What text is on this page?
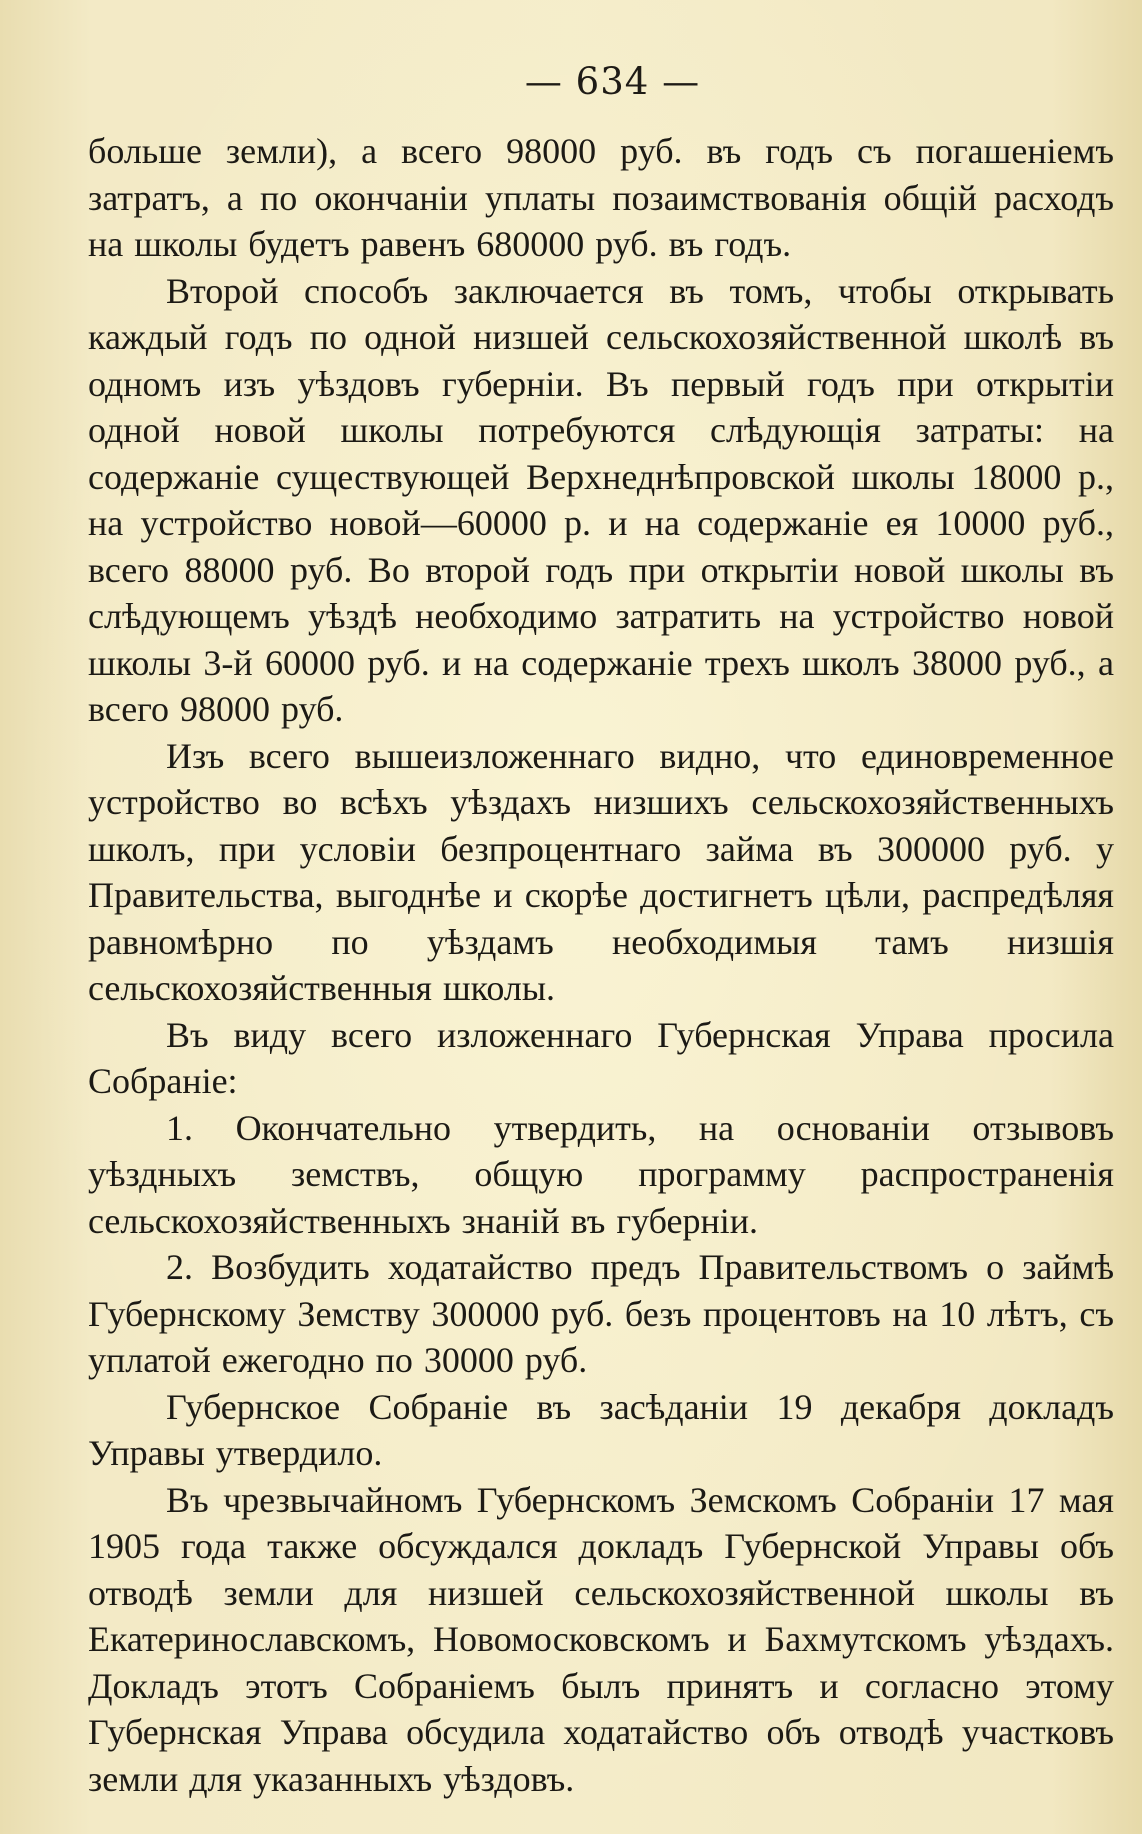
— 634 —

больше земли), а всего 98000 руб. въ годъ съ погашеніемъ затратъ, а по окончаніи уплаты позаимствованія общій расходъ на школы будетъ равенъ 680000 руб. въ годъ.

Второй способъ заключается въ томъ, чтобы открывать каждый годъ по одной низшей сельскохозяйственной школѣ въ одномъ изъ уѣздовъ губерніи. Въ первый годъ при открытіи одной новой школы потребуются слѣдующія затраты: на содержаніе существующей Верхнеднѣпровской школы 18000 р., на устройство новой—60000 р. и на содержаніе ея 10000 руб., всего 88000 руб. Во второй годъ при открытіи новой школы въ слѣдующемъ уѣздѣ необходимо затратить на устройство новой школы 3-й 60000 руб. и на содержаніе трехъ школъ 38000 руб., а всего 98000 руб.

Изъ всего вышеизложеннаго видно, что единовременное устройство во всѣхъ уѣздахъ низшихъ сельскохозяйственныхъ школъ, при условіи безпроцентнаго займа въ 300000 руб. у Правительства, выгоднѣе и скорѣе достигнетъ цѣли, распредѣляя равномѣрно по уѣздамъ необходимыя тамъ низшія сельскохозяйственныя школы.

Въ виду всего изложеннаго Губернская Управа просила Собраніе:

1. Окончательно утвердить, на основаніи отзывовъ уѣздныхъ земствъ, общую программу распространенія сельскохозяйственныхъ знаній въ губерніи.

2. Возбудить ходатайство предъ Правительствомъ о займѣ Губернскому Земству 300000 руб. безъ процентовъ на 10 лѣтъ, съ уплатой ежегодно по 30000 руб.

Губернское Собраніе въ засѣданіи 19 декабря докладъ Управы утвердило.

Въ чрезвычайномъ Губернскомъ Земскомъ Собраніи 17 мая 1905 года также обсуждался докладъ Губернской Управы объ отводѣ земли для низшей сельскохозяйственной школы въ Екатеринославскомъ, Новомосковскомъ и Бахмутскомъ уѣздахъ. Докладъ этотъ Собраніемъ былъ принятъ и согласно этому Губернская Управа обсудила ходатайство объ отводѣ участковъ земли для указанныхъ уѣздовъ.
